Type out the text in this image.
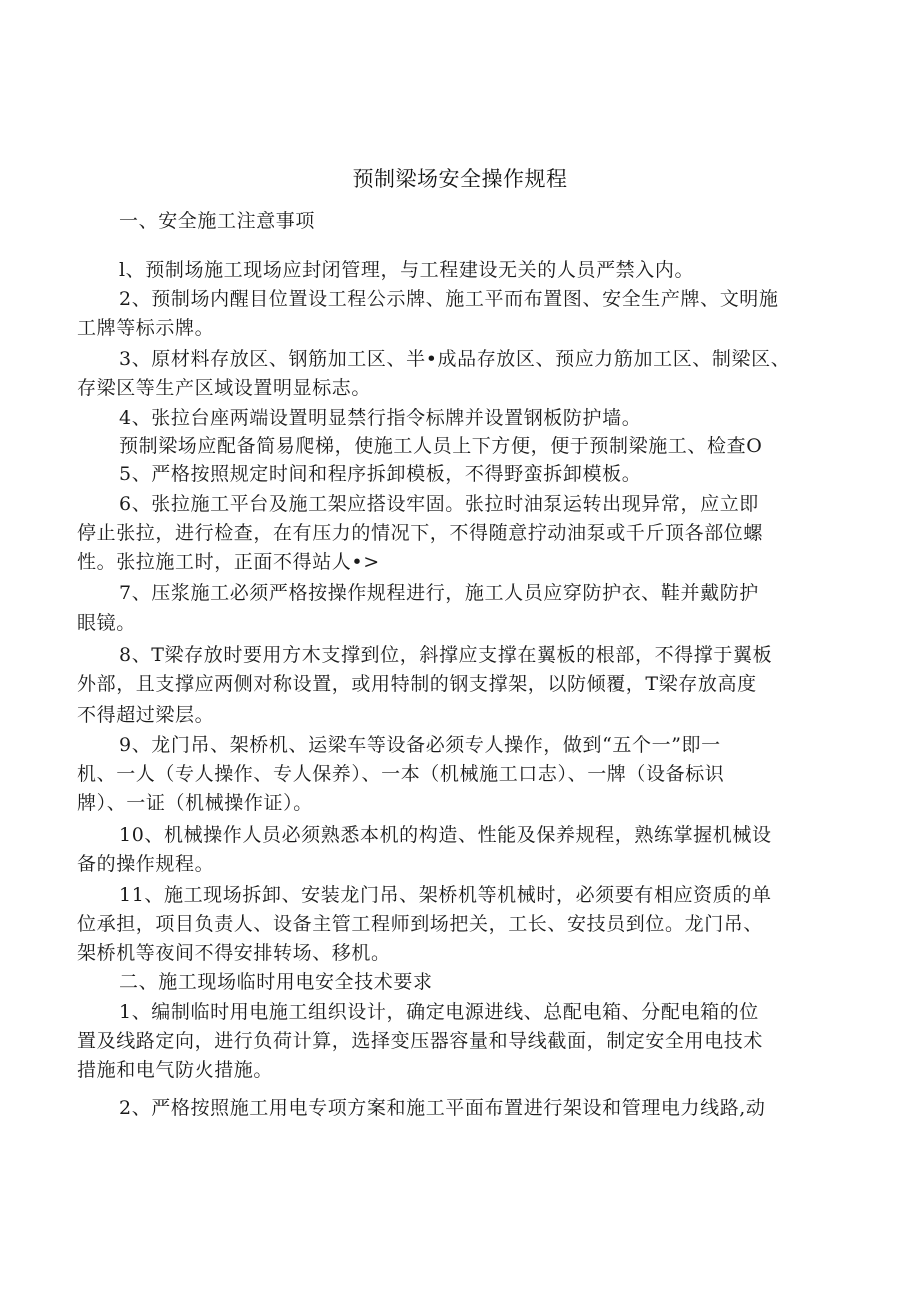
预制梁场安全操作规程
一、安全施工注意事项
l、预制场施工现场应封闭管理，与工程建设无关的人员严禁入内。
2、预制场内醒目位置设工程公示牌、施工平而布置图、安全生产牌、文明施
工牌等标示牌。
3、原材料存放区、钢筋加工区、半•成品存放区、预应力筋加工区、制梁区、
存梁区等生产区域设置明显标志。
4、张拉台座两端设置明显禁行指令标牌并设置钢板防护墙。
预制梁场应配备简易爬梯，使施工人员上下方便，便于预制梁施工、检查O
5、严格按照规定时间和程序拆卸模板，不得野蛮拆卸模板。
6、张拉施工平台及施工架应搭设牢固。张拉时油泵运转出现异常，应立即
停止张拉，进行检查，在有压力的情况下，不得随意拧动油泵或千斤顶各部位螺
性。张拉施工时，正面不得站人•>
7、压浆施工必须严格按操作规程进行，施工人员应穿防护衣、鞋并戴防护
眼镜。
8、T梁存放时要用方木支撑到位，斜撑应支撑在翼板的根部，不得撑于翼板
外部，且支撑应两侧对称设置，或用特制的钢支撑架，以防倾覆，T梁存放高度
不得超过梁层。
9、龙门吊、架桥机、运梁车等设备必须专人操作，做到“五个一”即一
机、一人（专人操作、专人保养）、一本（机械施工口志）、一牌（设备标识
牌）、一证（机械操作证）。
10、机械操作人员必须熟悉本机的构造、性能及保养规程，熟练掌握机械设
备的操作规程。
11、施工现场拆卸、安装龙门吊、架桥机等机械时，必须要有相应资质的单
位承担，项目负责人、设备主管工程师到场把关，工长、安技员到位。龙门吊、
架桥机等夜间不得安排转场、移机。
二、施工现场临时用电安全技术要求
1、编制临时用电施工组织设计，确定电源进线、总配电箱、分配电箱的位
置及线路定向，进行负荷计算，选择变压器容量和导线截面，制定安全用电技术
措施和电气防火措施。
2、严格按照施工用电专项方案和施工平面布置进行架设和管理电力线路,动
